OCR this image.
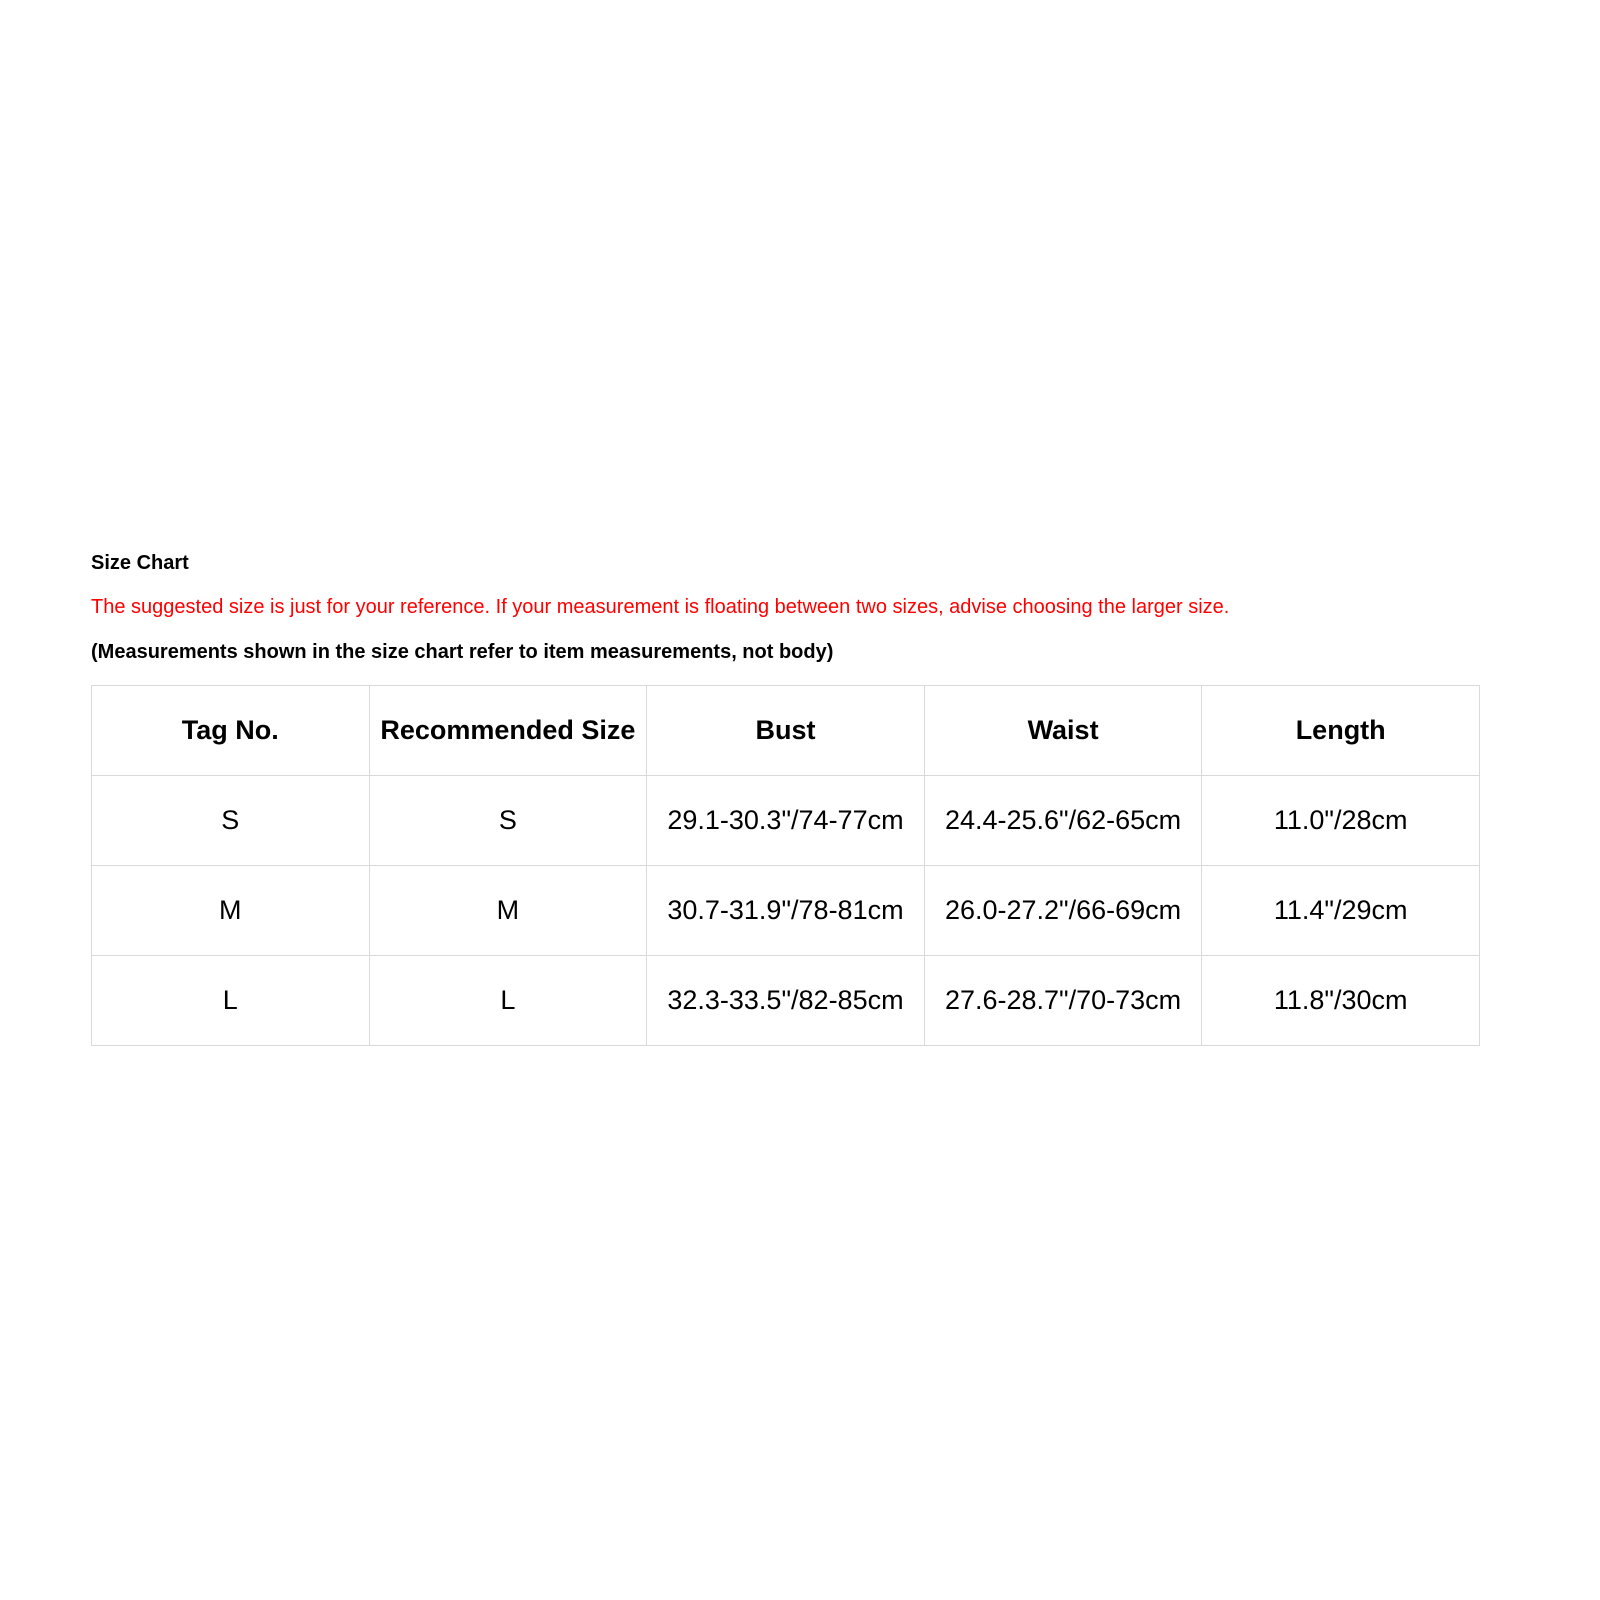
Size Chart

The suggested size is just for your reference. If your measurement is floating between two sizes, advise choosing the larger size.

(Measurements shown in the size chart refer to item measurements, not body)

Tag No.	Recommended Size	Bust	Waist	Length
S	S	29.1-30.3"/74-77cm	24.4-25.6"/62-65cm	11.0"/28cm
M	M	30.7-31.9"/78-81cm	26.0-27.2"/66-69cm	11.4"/29cm
L	L	32.3-33.5"/82-85cm	27.6-28.7"/70-73cm	11.8"/30cm
